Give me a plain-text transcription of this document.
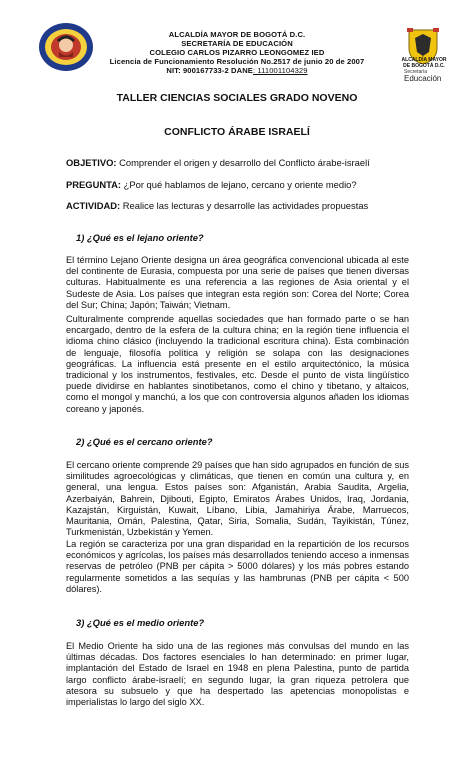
ALCALDÍA MAYOR DE BOGOTÁ D.C.
SECRETARÍA DE EDUCACIÓN
COLEGIO CARLOS PIZARRO LEONGOMEZ IED
Licencia de Funcionamiento Resolución No.2517 de junio 20 de 2007
NIT: 900167733-2 DANE: 111001104329
ALCALDÍA MAYOR
DE BOGOTÁ D.C.
Secretaría
Educación
TALLER CIENCIAS SOCIALES GRADO NOVENO
CONFLICTO ÁRABE ISRAELÍ
OBJETIVO: Comprender el origen y desarrollo del Conflicto árabe-israelí
PREGUNTA: ¿Por qué hablamos de lejano, cercano y oriente medio?
ACTIVIDAD: Realice las lecturas y desarrolle las actividades propuestas
1) ¿Qué es el lejano oriente?
El término Lejano Oriente designa un área geográfica convencional ubicada al este del continente de Eurasia, compuesta por una serie de países que tienen diversas culturas. Habitualmente es una referencia a las regiones de Asia oriental y el Sudeste de Asia. Los países que integran esta región son: Corea del Norte; Corea del Sur; China; Japón; Taiwán; Vietnam.
Culturalmente comprende aquellas sociedades que han formado parte o se han encargado, dentro de la esfera de la cultura china; en la región tiene influencia el idioma chino clásico (incluyendo la tradicional escritura china). Esta combinación de lenguaje, filosofía política y religión se solapa con las designaciones geográficas. La influencia está presente en el estilo arquitectónico, la música tradicional y los instrumentos, festivales, etc. Desde el punto de vista lingüístico puede dividirse en hablantes sinotibetanos, como el chino y tibetano, y altaicos, como el mongol y manchú, a los que con controversia algunos añaden los idiomas coreano y japonés.
2) ¿Qué es el cercano oriente?
El cercano oriente comprende 29 países que han sido agrupados en función de sus similitudes agroecológicas y climáticas, que tienen en común una cultura y, en general, una lengua. Estos países son: Afganistán, Arabia Saudita, Argelia, Azerbaiyán, Bahrein, Djibouti, Egipto, Emiratos Árabes Unidos, Iraq, Jordania, Kazajstán, Kirguistán, Kuwait, Líbano, Libia, Jamahiriya Árabe, Marruecos, Mauritania, Omán, Palestina, Qatar, Siria, Somalia, Sudán, Tayikistán, Túnez, Turkmenistán, Uzbekistán y Yemen.
La región se caracteriza por una gran disparidad en la repartición de los recursos económicos y agrícolas, los países más desarrollados teniendo acceso a inmensas reservas de petróleo (PNB per cápita > 5000 dólares) y los más pobres estando regularmente sometidos a las sequías y las hambrunas (PNB per cápita < 500 dólares).
3) ¿Qué es el medio oriente?
El Medio Oriente ha sido una de las regiones más convulsas del mundo en las últimas décadas. Dos factores esenciales lo han determinado: en primer lugar, implantación del Estado de Israel en 1948 en plena Palestina, punto de partida largo conflicto árabe-israelí; en segundo lugar, la gran riqueza petrolera que atesora su subsuelo y que ha despertado las apetencias monopolistas e imperialistas lo largo del siglo XX.
